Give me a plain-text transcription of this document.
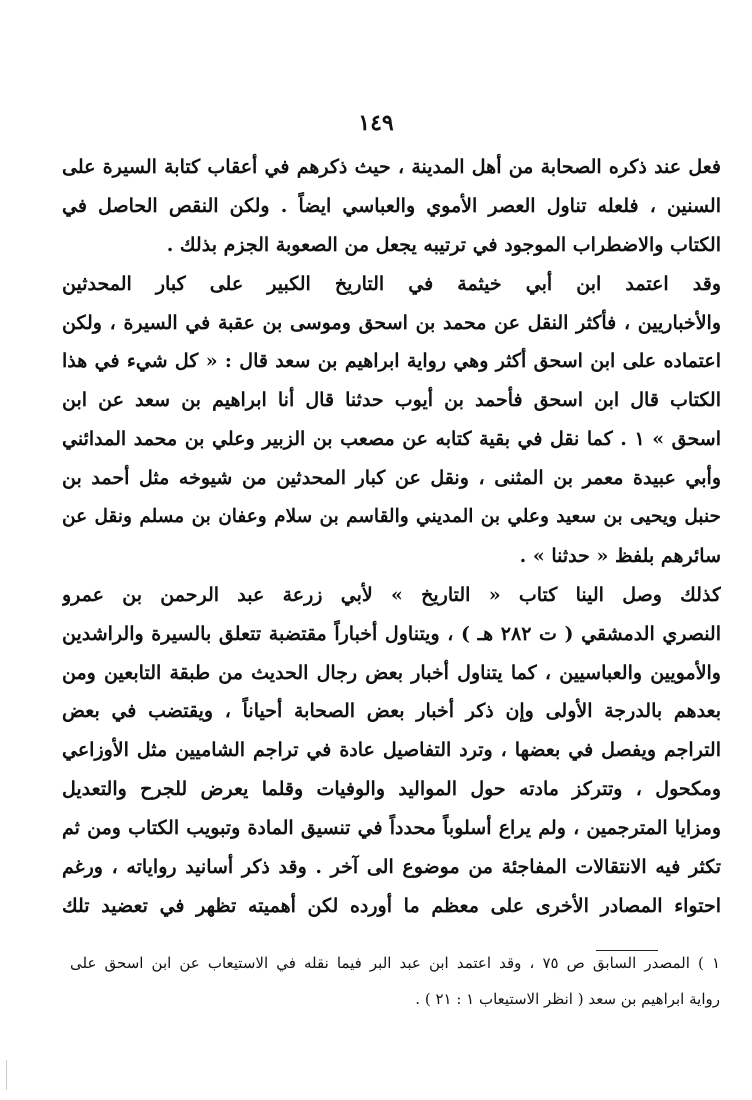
١٤٩
فعل عند ذكره الصحابة من أهل المدينة ، حيث ذكرهم في أعقاب كتابة السيرة على
السنين ، فلعله تناول العصر الأموي والعباسي ايضاً . ولكن النقص الحاصل في
الكتاب والاضطراب الموجود في ترتيبه يجعل من الصعوبة الجزم بذلك .
وقد اعتمد ابن أبي خيثمة في التاريخ الكبير على كبار المحدثين
والأخباريين ، فأكثر النقل عن محمد بن اسحق وموسى بن عقبة في السيرة ، ولكن
اعتماده على ابن اسحق أكثر وهي رواية ابراهيم بن سعد قال : « كل شيء في هذا
الكتاب قال ابن اسحق فأحمد بن أيوب حدثنا قال أنا ابراهيم بن سعد عن ابن
اسحق » ١ . كما نقل في بقية كتابه عن مصعب بن الزبير وعلي بن محمد المدائني
وأبي عبيدة معمر بن المثنى ، ونقل عن كبار المحدثين من شيوخه مثل أحمد بن
حنبل ويحيى بن سعيد وعلي بن المديني والقاسم بن سلام وعفان بن مسلم ونقل عن
سائرهم بلفظ « حدثنا » .
كذلك وصل الينا كتاب « التاريخ » لأبي زرعة عبد الرحمن بن عمرو
النصري الدمشقي ( ت ٢٨٢ هـ ) ، ويتناول أخباراً مقتضبة تتعلق بالسيرة والراشدين
والأمويين والعباسيين ، كما يتناول أخبار بعض رجال الحديث من طبقة التابعين ومن
بعدهم بالدرجة الأولى وإن ذكر أخبار بعض الصحابة أحياناً ، ويقتضب في بعض
التراجم ويفصل في بعضها ، وترد التفاصيل عادة في تراجم الشاميين مثل الأوزاعي
ومكحول ، وتتركز مادته حول المواليد والوفيات وقلما يعرض للجرح والتعديل
ومزايا المترجمين ، ولم يراع أسلوباً محدداً في تنسيق المادة وتبويب الكتاب ومن ثم
تكثر فيه الانتقالات المفاجئة من موضوع الى آخر . وقد ذكر أسانيد رواياته ، ورغم
احتواء المصادر الأخرى على معظم ما أورده لكن أهميته تظهر في تعضيد تلك
١ ) المصدر السابق ص ٧٥ ، وقد اعتمد ابن عبد البر فيما نقله في الاستيعاب عن ابن اسحق على
رواية ابراهيم بن سعد ( انظر الاستيعاب ١ : ٢١ ) .
